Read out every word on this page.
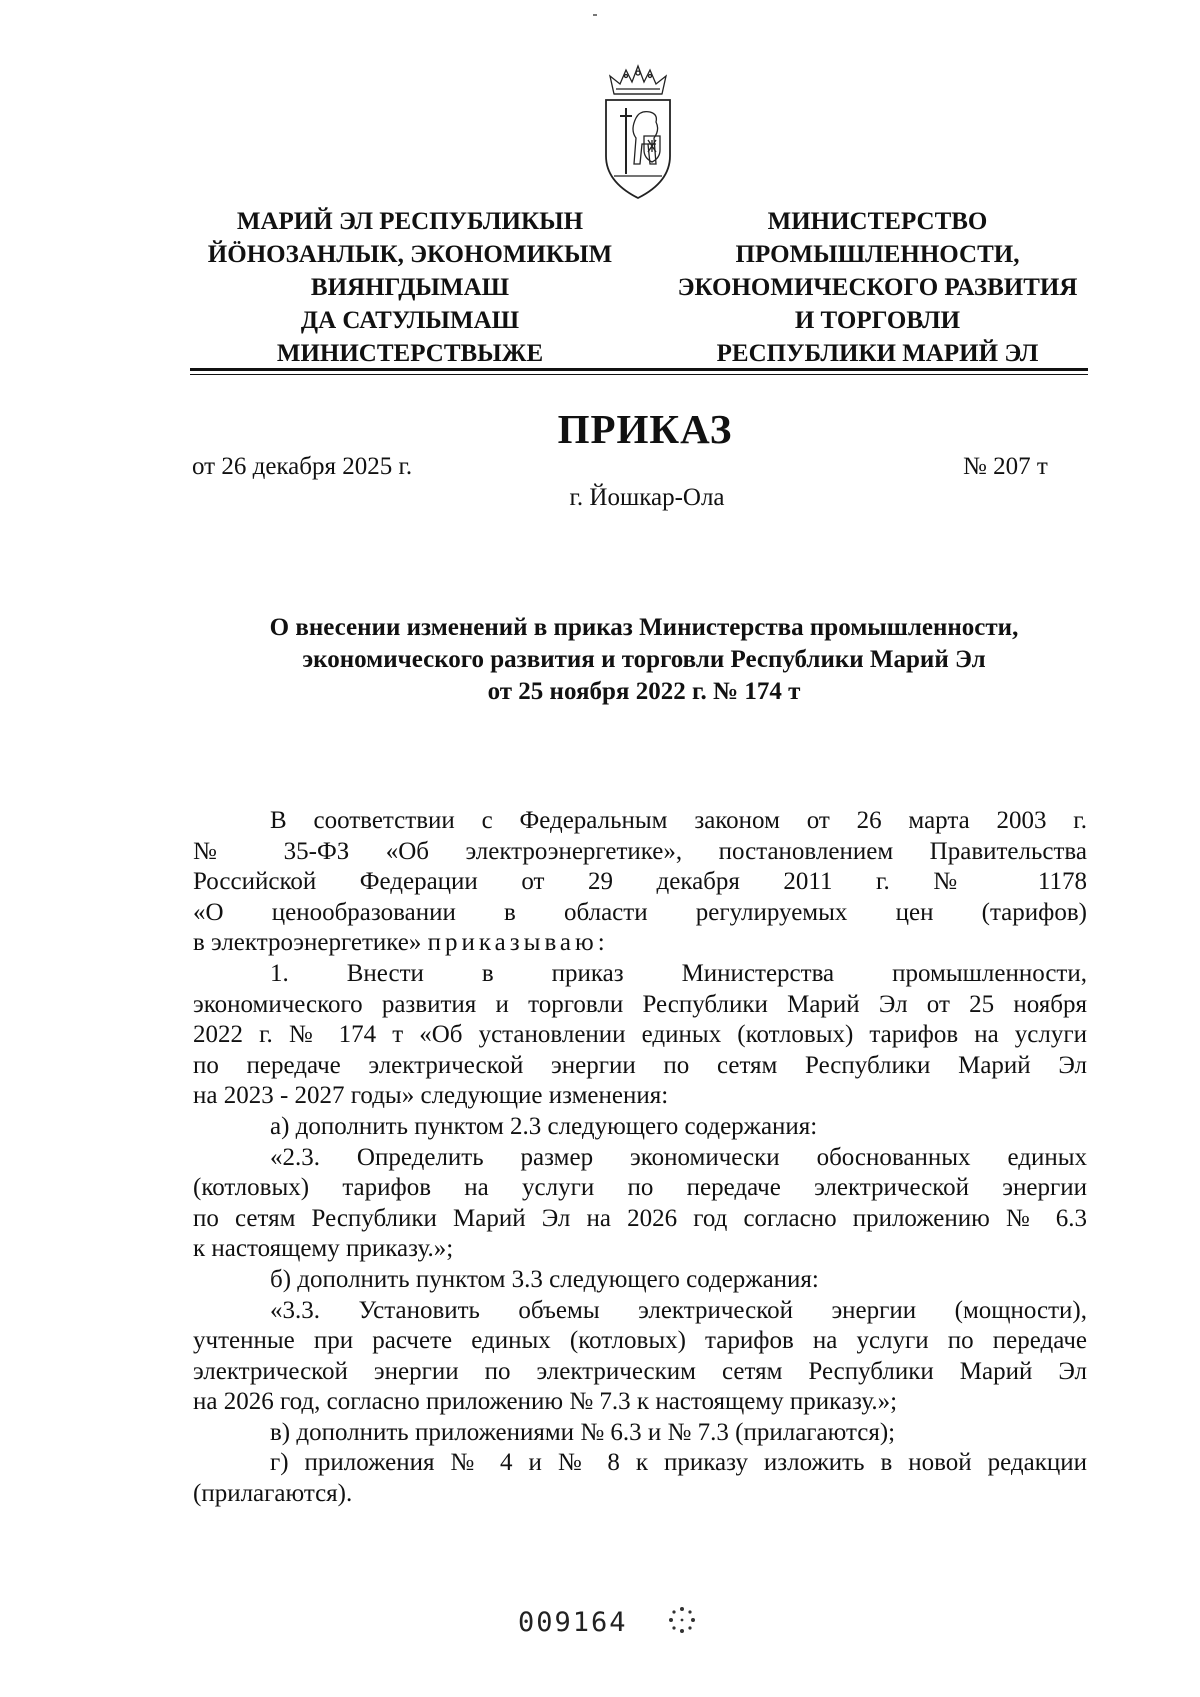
МАРИЙ ЭЛ РЕСПУБЛИКЫН
ЙӦНОЗАНЛЫК, ЭКОНОМИКЫМ
ВИЯНГДЫМАШ
ДА САТУЛЫМАШ
МИНИСТЕРСТВЫЖЕ
МИНИСТЕРСТВО
ПРОМЫШЛЕННОСТИ,
ЭКОНОМИЧЕСКОГО РАЗВИТИЯ
И ТОРГОВЛИ
РЕСПУБЛИКИ МАРИЙ ЭЛ
ПРИКАЗ
от 26 декабря 2025 г.	№ 207 т
г. Йошкар-Ола
О внесении изменений в приказ Министерства промышленности,
экономического развития и торговли Республики Марий Эл
от 25 ноября 2022 г. № 174 т
В соответствии с Федеральным законом от 26 марта 2003 г.
№ 35-ФЗ «Об электроэнергетике», постановлением Правительства
Российской Федерации от 29 декабря 2011 г. № 1178
«О ценообразовании в области регулируемых цен (тарифов)
в электроэнергетике» приказываю:
1. Внести в приказ Министерства промышленности,
экономического развития и торговли Республики Марий Эл от 25 ноября
2022 г. № 174 т «Об установлении единых (котловых) тарифов на услуги
по передаче электрической энергии по сетям Республики Марий Эл
на 2023 - 2027 годы» следующие изменения:
а) дополнить пунктом 2.3 следующего содержания:
«2.3. Определить размер экономически обоснованных единых
(котловых) тарифов на услуги по передаче электрической энергии
по сетям Республики Марий Эл на 2026 год согласно приложению № 6.3
к настоящему приказу.»;
б) дополнить пунктом 3.3 следующего содержания:
«3.3. Установить объемы электрической энергии (мощности),
учтенные при расчете единых (котловых) тарифов на услуги по передаче
электрической энергии по электрическим сетям Республики Марий Эл
на 2026 год, согласно приложению № 7.3 к настоящему приказу.»;
в) дополнить приложениями № 6.3 и № 7.3 (прилагаются);
г) приложения № 4 и № 8 к приказу изложить в новой редакции
(прилагаются).
009164
